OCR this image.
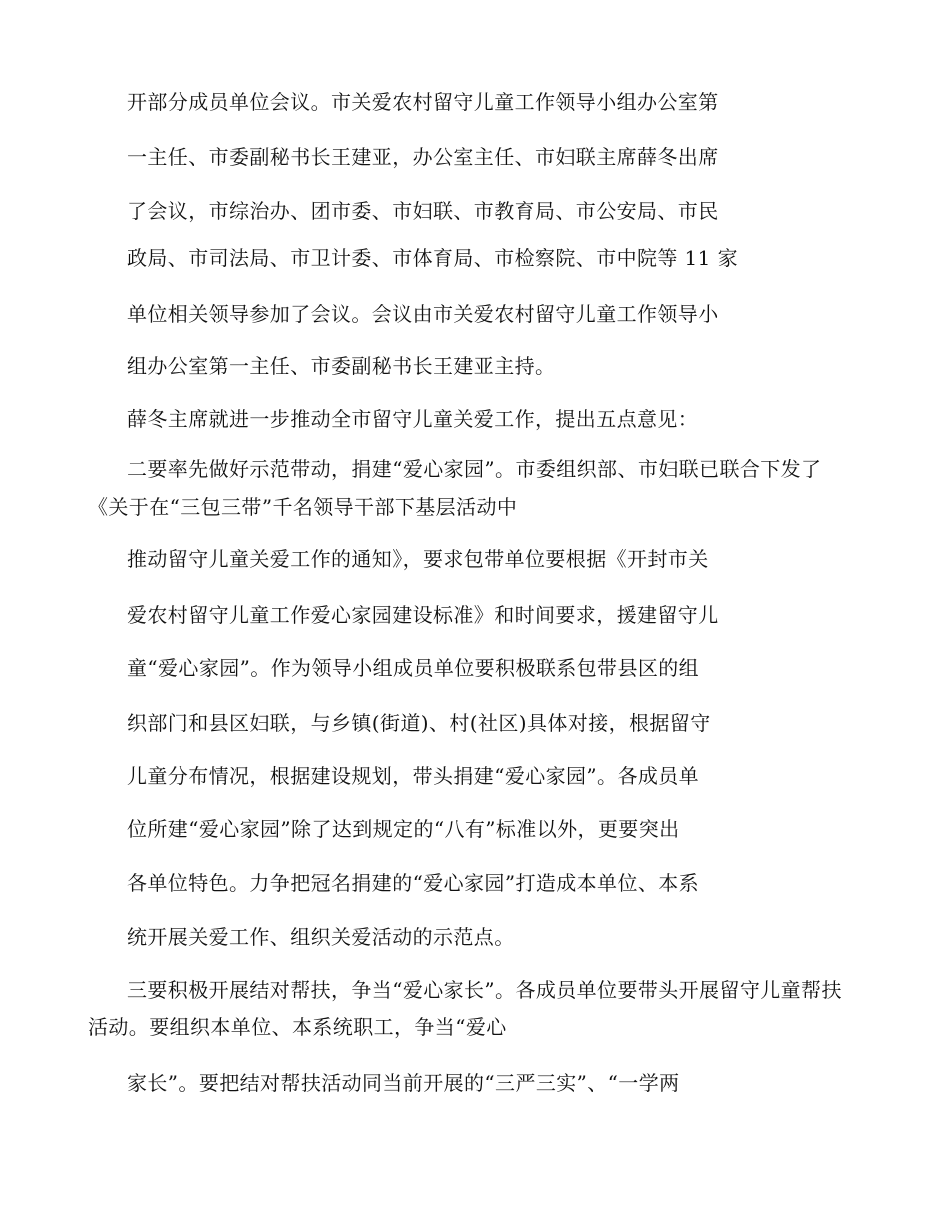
开部分成员单位会议。市关爱农村留守儿童工作领导小组办公室第
一主任、市委副秘书长王建亚，办公室主任、市妇联主席薛冬出席
了会议，市综治办、团市委、市妇联、市教育局、市公安局、市民
政局、市司法局、市卫计委、市体育局、市检察院、市中院等 11 家
单位相关领导参加了会议。会议由市关爱农村留守儿童工作领导小
组办公室第一主任、市委副秘书长王建亚主持。
薛冬主席就进一步推动全市留守儿童关爱工作，提出五点意见：
二要率先做好示范带动，捐建“爱心家园”。市委组织部、市妇联已联合下发了
《关于在“三包三带”千名领导干部下基层活动中
推动留守儿童关爱工作的通知》，要求包带单位要根据《开封市关
爱农村留守儿童工作爱心家园建设标准》和时间要求，援建留守儿
童“爱心家园”。作为领导小组成员单位要积极联系包带县区的组
织部门和县区妇联，与乡镇(街道)、村(社区)具体对接，根据留守
儿童分布情况，根据建设规划，带头捐建“爱心家园”。各成员单
位所建“爱心家园”除了达到规定的“八有”标准以外，更要突出
各单位特色。力争把冠名捐建的“爱心家园”打造成本单位、本系
统开展关爱工作、组织关爱活动的示范点。
三要积极开展结对帮扶，争当“爱心家长”。各成员单位要带头开展留守儿童帮扶
活动。要组织本单位、本系统职工，争当“爱心
家长”。要把结对帮扶活动同当前开展的“三严三实”、“一学两
